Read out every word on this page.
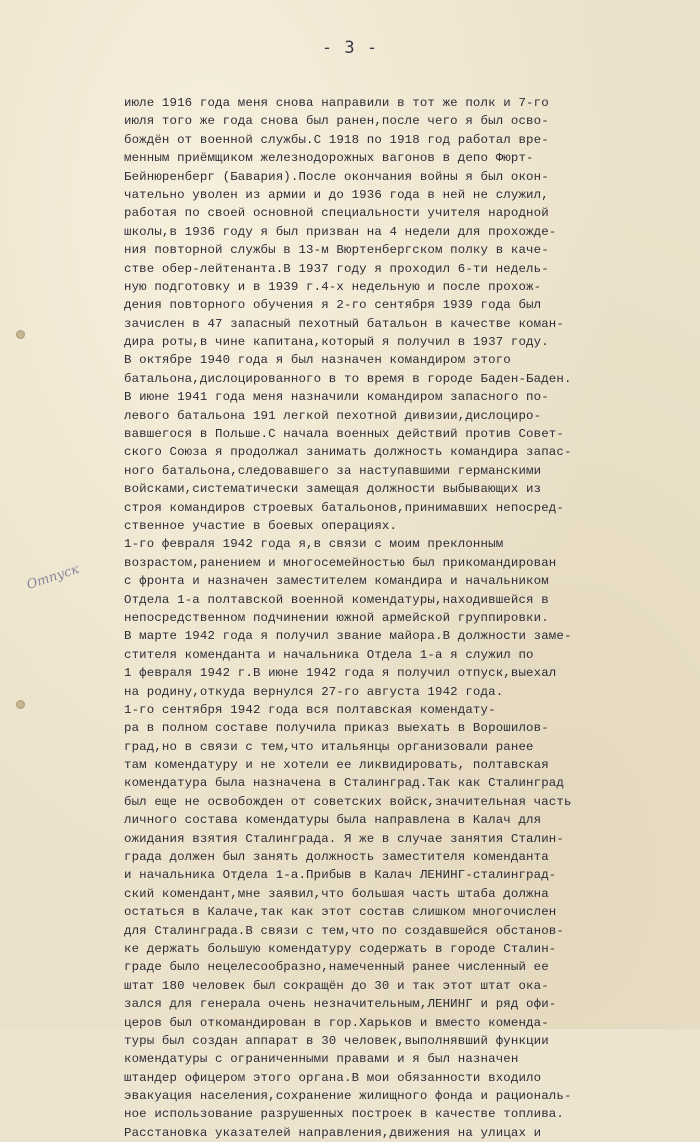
- 3 -
Отпуск
июле 1916 года меня снова направили в тот же полк и 7-го
июля того же года снова был ранен,после чего я был осво-
бождён от военной службы.С 1918 по 1918 год работал вре-
менным приёмщиком железнодорожных вагонов в депо Фюрт-
Бейнюренберг (Бавария).После окончания войны я был окон-
чательно уволен из армии и до 1936 года в ней не служил,
работая по своей основной специальности учителя народной
школы,в 1936 году я был призван на 4 недели для прохожде-
ния повторной службы в 13-м Вюртенбергском полку в каче-
стве обер-лейтенанта.В 1937 году я проходил 6-ти недель-
ную подготовку и в 1939 г.4-х недельную и после прохож-
дения повторного обучения я 2-го сентября 1939 года был
зачислен в 47 запасный пехотный батальон в качестве коман-
дира роты,в чине капитана,который я получил в 1937 году.
В октябре 1940 года я был назначен командиром этого
батальона,дислоцированного в то время в городе Баден-Баден.
В июне 1941 года меня назначили командиром запасного по-
левого батальона 191 легкой пехотной дивизии,дислоциро-
вавшегося в Польше.С начала военных действий против Совет-
ского Союза я продолжал занимать должность командира запас-
ного батальона,следовавшего за наступавшими германскими
войсками,систематически замещая должности выбывающих из
строя командиров строевых батальонов,принимавших непосред-
ственное участие в боевых операциях.
1-го февраля 1942 года я,в связи с моим преклонным
возрастом,ранением и многосемейностью был прикомандирован
с фронта и назначен заместителем командира и начальником
Отдела 1-а полтавской военной комендатуры,находившейся в
непосредственном подчинении южной армейской группировки.
В марте 1942 года я получил звание майора.В должности заме-
стителя коменданта и начальника Отдела 1-а я служил по
1 февраля 1942 г.В июне 1942 года я получил отпуск,выехал
на родину,откуда вернулся 27-го августа 1942 года.
1-го сентября 1942 года вся полтавская комендату-
ра в полном составе получила приказ выехать в Ворошилов-
град,но в связи с тем,что итальянцы организовали ранее
там комендатуру и не хотели ее ликвидировать, полтавская
комендатура была назначена в Сталинград.Так как Сталинград
был еще не освобожден от советских войск,значительная часть
личного состава комендатуры была направлена в Калач для
ожидания взятия Сталинграда. Я же в случае занятия Сталин-
града должен был занять должность заместителя коменданта
и начальника Отдела 1-а.Прибыв в Калач ЛЕНИНГ-сталинград-
ский комендант,мне заявил,что большая часть штаба должна
остаться в Калаче,так как этот состав слишком многочислен
для Сталинграда.В связи с тем,что по создавшейся обстанов-
ке держать большую комендатуру содержать в городе Сталин-
граде было нецелесообразно,намеченный ранее численный ее
штат 180 человек был сокращён до 30 и так этот штат ока-
зался для генерала очень незначительным,ЛЕНИНГ и ряд офи-
церов был откомандирован в гор.Харьков и вместо коменда-
туры был создан аппарат в 30 человек,выполнявший функции
комендатуры с ограниченными правами и я был назначен
штандер офицером этого органа.В мои обязанности входило
эвакуация населения,сохранение жилищного фонда и рациональ-
ное использование разрушенных построек в качестве топлива.
Расстановка указателей направления,движения на улицах и
